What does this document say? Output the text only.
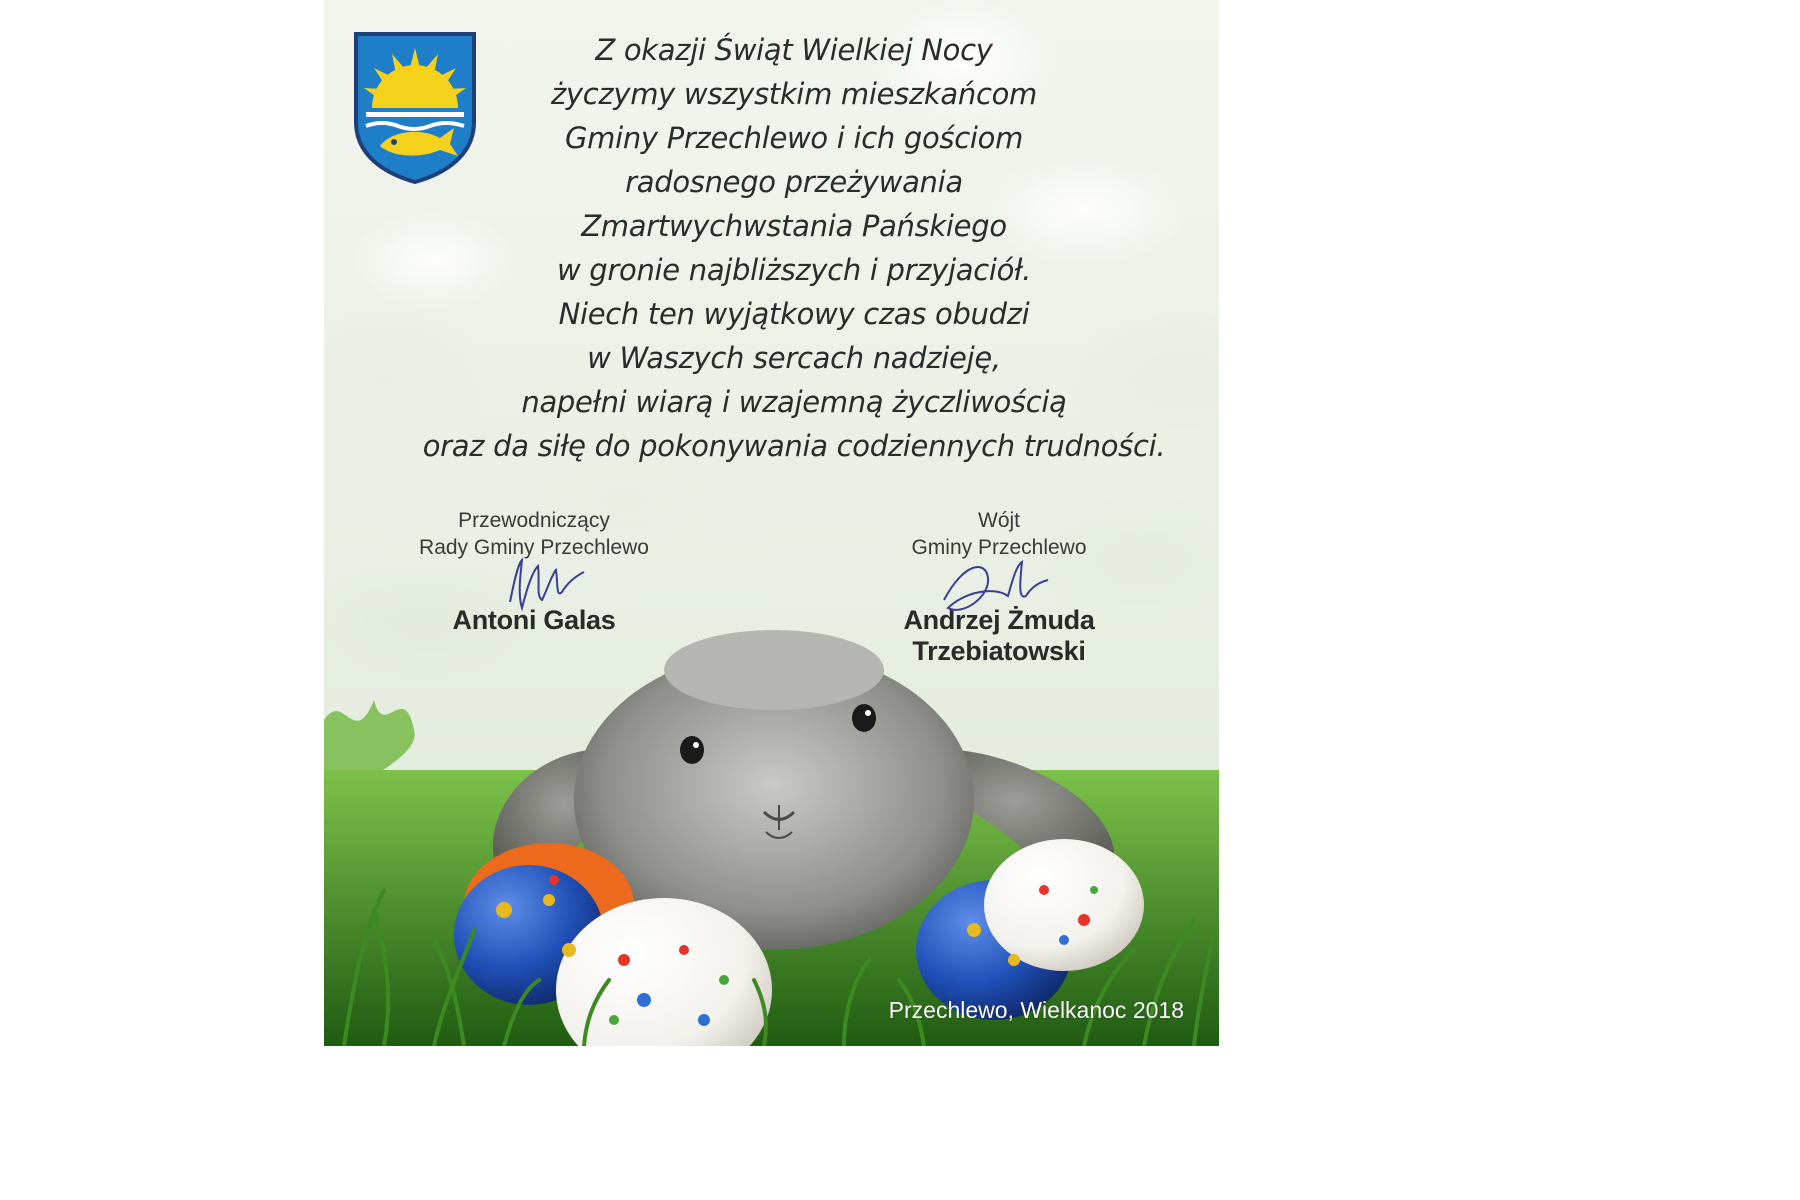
Z okazji Świąt Wielkiej Nocy
życzymy wszystkim mieszkańcom
Gminy Przechlewo i ich gościom
radosnego przeżywania
Zmartwychwstania Pańskiego
w gronie najbliższych i przyjaciół.
Niech ten wyjątkowy czas obudzi
w Waszych sercach nadzieję,
napełni wiarą i wzajemną życzliwością
oraz da siłę do pokonywania codziennych trudności.
Przewodniczący
Rady Gminy Przechlewo
Antoni Galas
Wójt
Gminy Przechlewo
Andrzej Żmuda Trzebiatowski
Przechlewo, Wielkanoc 2018
